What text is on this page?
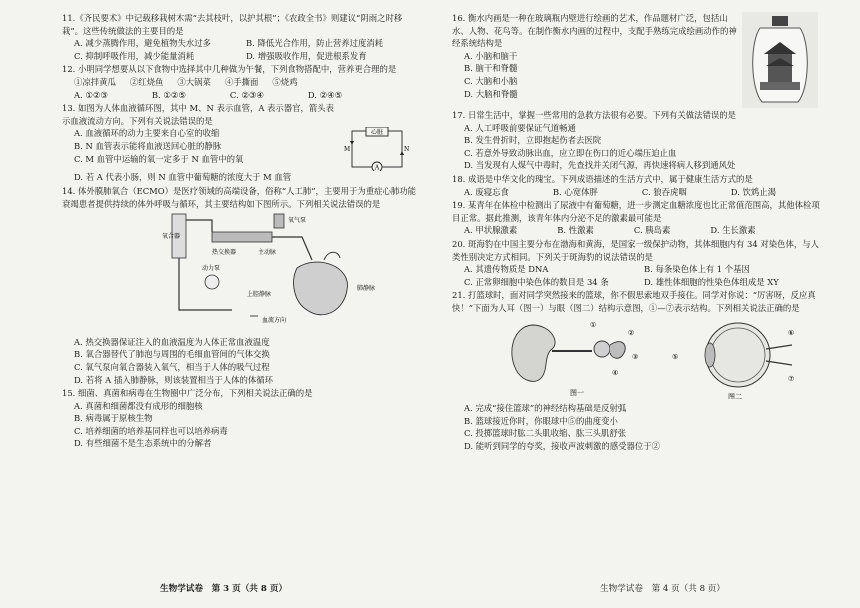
11.《齐民要术》中记载移栽树木需“去其枝叶，以护其根”；《农政全书》则建议“阴雨之时移栽”。这些传统做法的主要目的是
A. 减少蒸腾作用，避免植物失水过多	B. 降低光合作用，防止营养过度消耗
C. 抑制呼吸作用，减少能量消耗	D. 增强吸收作用，促进根系发育
12. 小明同学想要从以下食物中选择其中几种做为午餐，下列食物搭配中，营养更合理的是
①凉拌黄瓜 ②红烧鱼 ③大锅菜 ④手撕面 ⑤烧鸡
A. ①②③	B. ①②⑤	C. ②③④	D. ②④⑤
13. 如图为人体血液循环图，其中 M、N 表示血管，A 表示器官，箭头表示血液流动方向。下列有关说法错误的是
A. 血液循环的动力主要来自心室的收缩
B. N 血管表示能将血液送回心脏的静脉
C. M 血管中运输的氧一定多于 N 血管中的氧
心脏
A
M	N
D. 若 A 代表小肠，则 N 血管中葡萄糖的浓度大于 M 血管
14. 体外膜肺氧合（ECMO）是医疗领域的高端设备，俗称“人工肺”，主要用于为重症心肺功能衰竭患者提供持续的体外呼吸与循环，其主要结构如下图所示。下列相关说法错误的是
氧合器
氧气泵
热交换器	主动脉
动力泵
上腔静脉
肺静脉
血流方向
A. 热交换器保证注入的血液温度为人体正常血液温度
B. 氧合器替代了肺泡与周围的毛细血管间的气体交换
C. 氧气泵向氧合器装入氧气，相当于人体的吸气过程
D. 若将 A 插入肺静脉，则该装置相当于人体的体循环
15. 细菌、真菌和病毒在生物圈中广泛分布，下列相关说法正确的是
A. 真菌和细菌都没有成形的细胞核
B. 病毒属于原核生物
C. 培养细菌的培养基同样也可以培养病毒
D. 有些细菌不是生态系统中的分解者
生物学试卷　第 3 页（共 8 页）
16. 衡水内画是一种在玻璃瓶内壁进行绘画的艺术，作品题材广泛，包括山水、人物、花鸟等。在制作衡水内画的过程中，支配手熟练完成绘画动作的神经系统结构是
A. 小脑和脑干
B. 脑干和脊髓
C. 大脑和小脑
D. 大脑和脊髓
17. 日常生活中，掌握一些常用的急救方法很有必要。下列有关做法错误的是
A. 人工呼吸前要保证气道畅通
B. 发生骨折时，立即抱起伤者去医院
C. 若意外导致动脉出血，应立即在伤口的近心端压迫止血
D. 当发现有人煤气中毒时，先查找并关闭气源，再快速将病人移到通风处
18. 成语是中华文化的瑰宝。下列成语描述的生活方式中，属于健康生活方式的是
A. 废寝忘食	B. 心宽体胖	C. 狼吞虎咽	D. 饮鸩止渴
19. 某青年在体检中检测出了尿液中有葡萄糖，进一步测定血糖浓度也比正常值范围高，其他体检项目正常。据此推测，该青年体内分泌不足的激素最可能是
A. 甲状腺激素	B. 性激素	C. 胰岛素	D. 生长激素
20. 斑海豹在中国主要分布在渤海和黄海，是国家一级保护动物，其体细胞内有 34 对染色体，与人类性别决定方式相同。下列关于斑海豹的说法错误的是
A. 其遗传物质是 DNA	B. 每条染色体上有 1 个基因
C. 正常卵细胞中染色体的数目是 34 条	D. 雄性体细胞的性染色体组成是 XY
21. 打篮球时，面对同学突然接来的篮球，你不假思索地双手接住。同学对你说：“厉害呀，反应真快！”下面为人耳（图一）与眼（图二）结构示意图，①—⑦表示结构。下列相关说法正确的是
①
②
③
④
图一
⑤
⑥
⑦
图二
A. 完成“接住篮球”的神经结构基础是反射弧
B. 篮球接近你时，你眼球中⑤的曲度变小
C. 投掷篮球时肱二头肌收缩、肱三头肌舒张
D. 能听到同学的夸奖，接收声波刺激的感受器位于②
生物学试卷　第 4 页（共 8 页）
